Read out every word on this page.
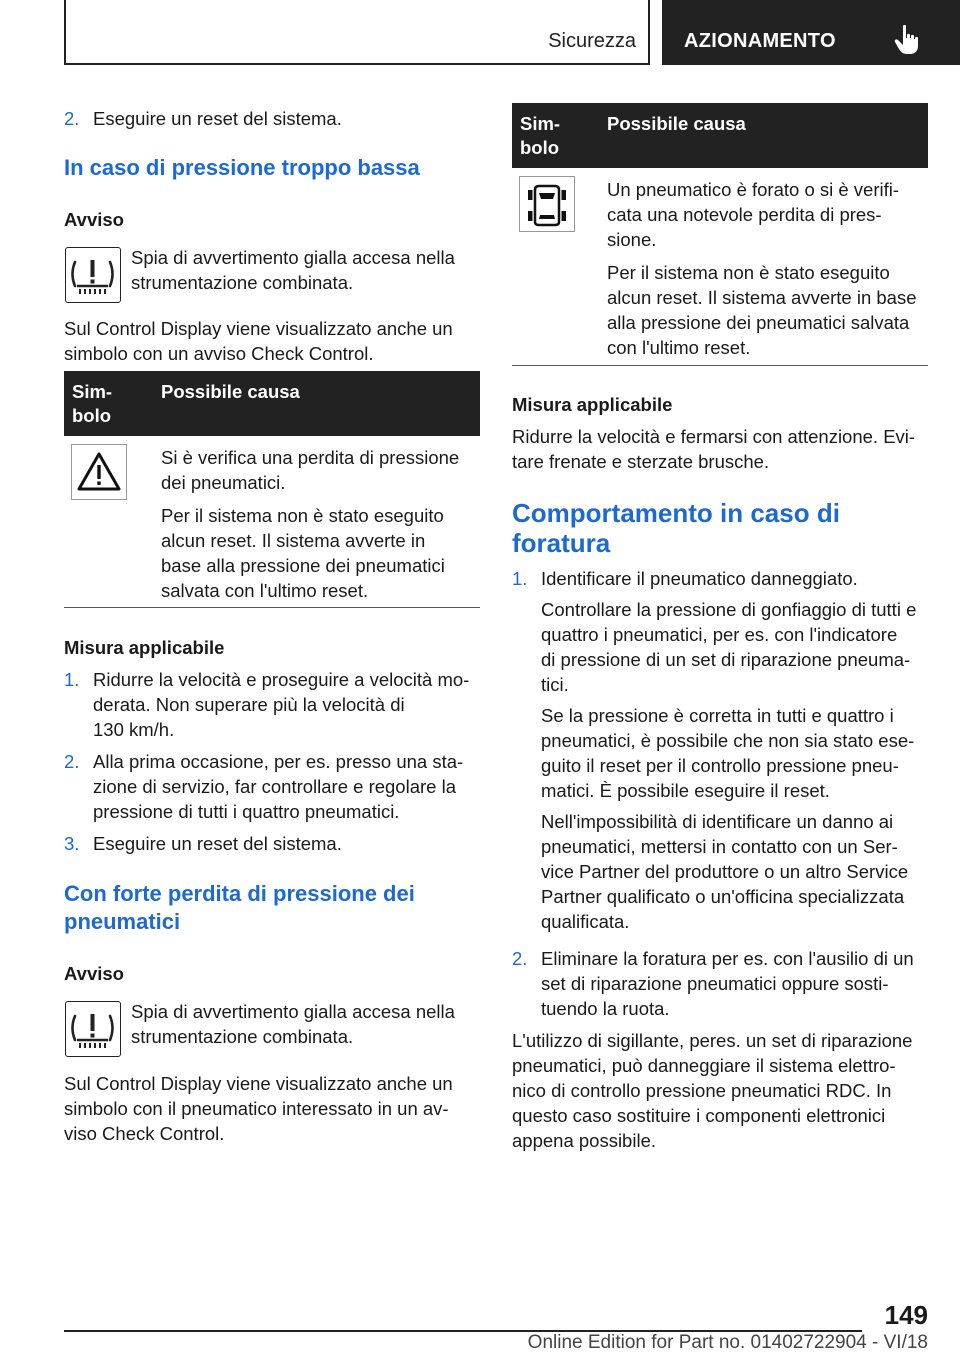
Sicurezza AZIONAMENTO
2. Eseguire un reset del sistema.
In caso di pressione troppo bassa
Avviso
Spia di avvertimento gialla accesa nella
strumentazione combinata.
Sul Control Display viene visualizzato anche un
simbolo con un avviso Check Control.
Sim‐
bolo
Possibile causa
Si è verifica una perdita di pressione
dei pneumatici.
Per il sistema non è stato eseguito
alcun reset. Il sistema avverte in
base alla pressione dei pneumatici
salvata con l'ultimo reset.
Misura applicabile
1. Ridurre la velocità e proseguire a velocità mo‐
derata. Non superare più la velocità di
130 km/h.
2. Alla prima occasione, per es. presso una sta‐
zione di servizio, far controllare e regolare la
pressione di tutti i quattro pneumatici.
3. Eseguire un reset del sistema.
Con forte perdita di pressione dei
pneumatici
Avviso
Spia di avvertimento gialla accesa nella
strumentazione combinata.
Sul Control Display viene visualizzato anche un
simbolo con il pneumatico interessato in un av‐
viso Check Control.
Sim‐
bolo
Possibile causa
Un pneumatico è forato o si è verifi‐
cata una notevole perdita di pres‐
sione.
Per il sistema non è stato eseguito
alcun reset. Il sistema avverte in base
alla pressione dei pneumatici salvata
con l'ultimo reset.
Misura applicabile
Ridurre la velocità e fermarsi con attenzione. Evi‐
tare frenate e sterzate brusche.
Comportamento in caso di
foratura
1. Identificare il pneumatico danneggiato.
Controllare la pressione di gonfiaggio di tutti e
quattro i pneumatici, per es. con l'indicatore
di pressione di un set di riparazione pneuma‐
tici.
Se la pressione è corretta in tutti e quattro i
pneumatici, è possibile che non sia stato ese‐
guito il reset per il controllo pressione pneu‐
matici. È possibile eseguire il reset.
Nell'impossibilità di identificare un danno ai
pneumatici, mettersi in contatto con un Ser‐
vice Partner del produttore o un altro Service
Partner qualificato o un'officina specializzata
qualificata.
2. Eliminare la foratura per es. con l'ausilio di un
set di riparazione pneumatici oppure sosti‐
tuendo la ruota.
L'utilizzo di sigillante, peres. un set di riparazione
pneumatici, può danneggiare il sistema elettro‐
nico di controllo pressione pneumatici RDC. In
questo caso sostituire i componenti elettronici
appena possibile.
149
Online Edition for Part no. 01402722904 - VI/18
